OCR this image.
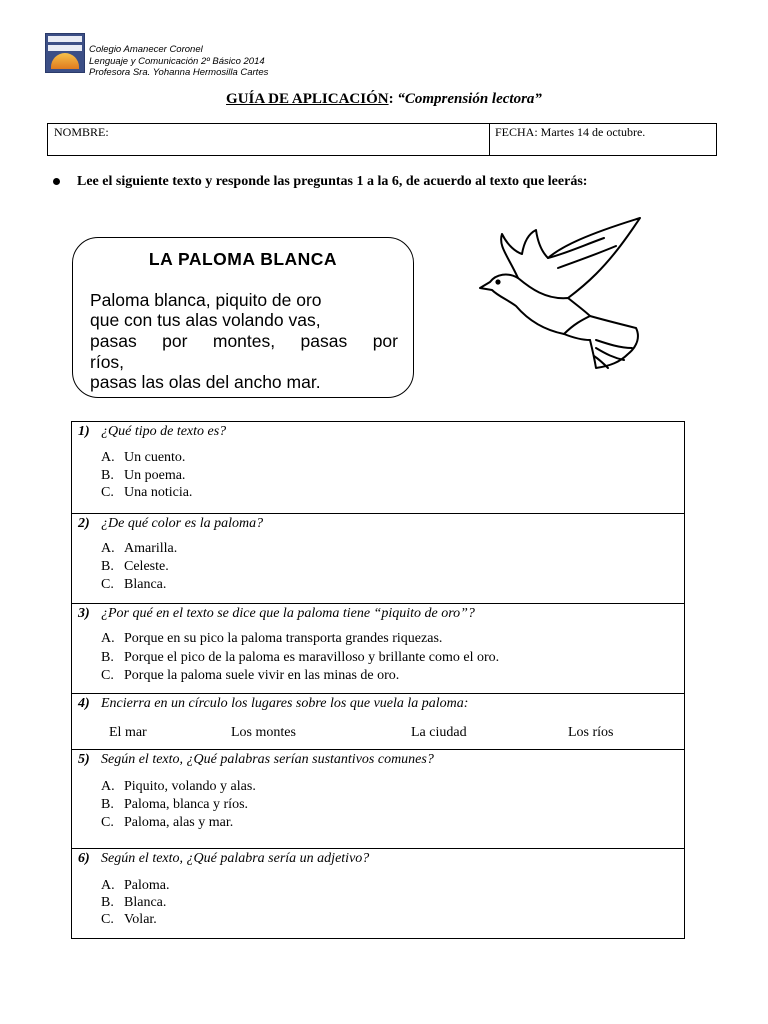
Colegio Amanecer Coronel
Lenguaje y Comunicación 2º Básico 2014
Profesora Sra. Yohanna Hermosilla Cartes
GUÍA DE APLICACIÓN: “Comprensión lectora”
NOMBRE:	FECHA: Martes 14 de octubre.
Lee el siguiente texto y responde las preguntas 1 a la 6, de acuerdo al texto que leerás:
LA PALOMA BLANCA
Paloma blanca, piquito de oro
que con tus alas volando vas,
pasas por montes, pasas por
ríos,
pasas las olas del ancho mar.
1) ¿Qué tipo de texto es?
A. Un cuento.
B. Un poema.
C. Una noticia.
2) ¿De qué color es la paloma?
A. Amarilla.
B. Celeste.
C. Blanca.
3) ¿Por qué en el texto se dice que la paloma tiene “piquito de oro”?
A. Porque en su pico la paloma transporta grandes riquezas.
B. Porque el pico de la paloma es maravilloso y brillante como el oro.
C. Porque la paloma suele vivir en las minas de oro.
4) Encierra en un círculo los lugares sobre los que vuela la paloma:
El mar	Los montes	La ciudad	Los ríos
5) Según el texto, ¿Qué palabras serían sustantivos comunes?
A. Piquito, volando y alas.
B. Paloma, blanca y ríos.
C. Paloma, alas y mar.
6) Según el texto, ¿Qué palabra sería un adjetivo?
A. Paloma.
B. Blanca.
C. Volar.
